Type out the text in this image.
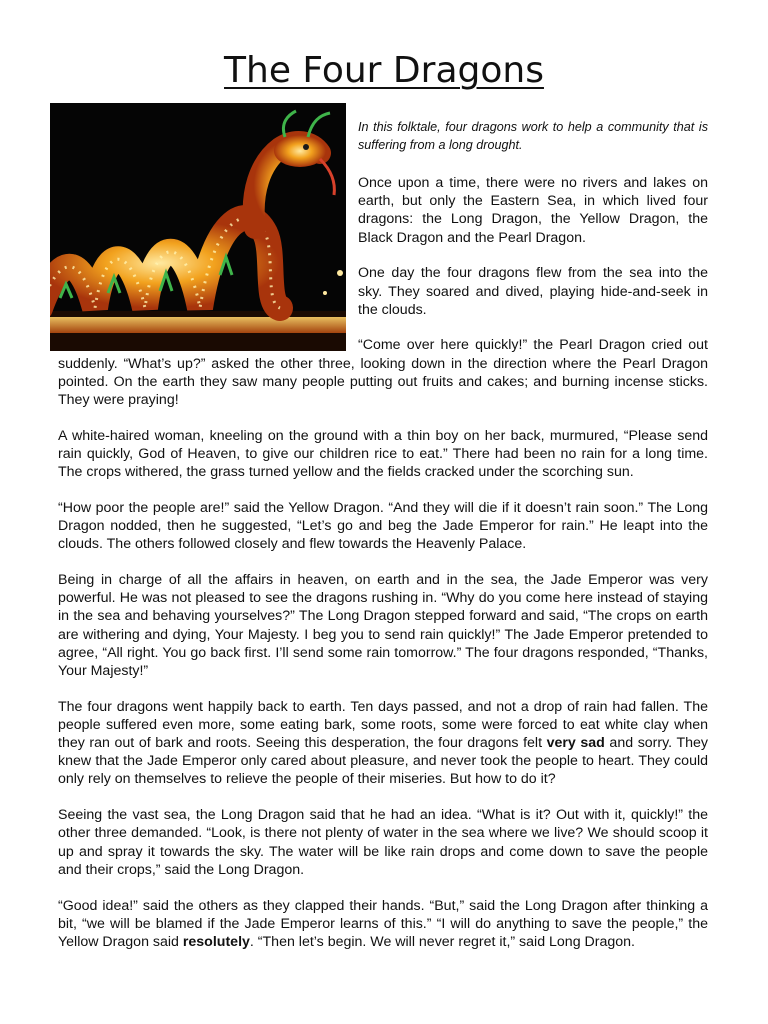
The Four Dragons

In this folktale, four dragons work to help a community that is suffering from a long drought.

Once upon a time, there were no rivers and lakes on earth, but only the Eastern Sea, in which lived four dragons: the Long Dragon, the Yellow Dragon, the Black Dragon and the Pearl Dragon.

One day the four dragons flew from the sea into the sky. They soared and dived, playing hide-and-seek in the clouds.

“Come over here quickly!” the Pearl Dragon cried out suddenly. “What’s up?” asked the other three, looking down in the direction where the Pearl Dragon pointed. On the earth they saw many people putting out fruits and cakes; and burning incense sticks. They were praying!

A white-haired woman, kneeling on the ground with a thin boy on her back, murmured, “Please send rain quickly, God of Heaven, to give our children rice to eat.” There had been no rain for a long time. The crops withered, the grass turned yellow and the fields cracked under the scorching sun.

“How poor the people are!” said the Yellow Dragon. “And they will die if it doesn’t rain soon.” The Long Dragon nodded, then he suggested, “Let’s go and beg the Jade Emperor for rain.” He leapt into the clouds. The others followed closely and flew towards the Heavenly Palace.

Being in charge of all the affairs in heaven, on earth and in the sea, the Jade Emperor was very powerful. He was not pleased to see the dragons rushing in. “Why do you come here instead of staying in the sea and behaving yourselves?” The Long Dragon stepped forward and said, “The crops on earth are withering and dying, Your Majesty. I beg you to send rain quickly!” The Jade Emperor pretended to agree, “All right. You go back first. I’ll send some rain tomorrow.” The four dragons responded, “Thanks, Your Majesty!”

The four dragons went happily back to earth. Ten days passed, and not a drop of rain had fallen. The people suffered even more, some eating bark, some roots, some were forced to eat white clay when they ran out of bark and roots. Seeing this desperation, the four dragons felt very sad and sorry. They knew that the Jade Emperor only cared about pleasure, and never took the people to heart. They could only rely on themselves to relieve the people of their miseries. But how to do it?

Seeing the vast sea, the Long Dragon said that he had an idea. “What is it? Out with it, quickly!” the other three demanded. “Look, is there not plenty of water in the sea where we live? We should scoop it up and spray it towards the sky. The water will be like rain drops and come down to save the people and their crops,” said the Long Dragon.

“Good idea!” said the others as they clapped their hands. “But,” said the Long Dragon after thinking a bit, “we will be blamed if the Jade Emperor learns of this.” “I will do anything to save the people,” the Yellow Dragon said resolutely. “Then let’s begin. We will never regret it,” said Long Dragon.
